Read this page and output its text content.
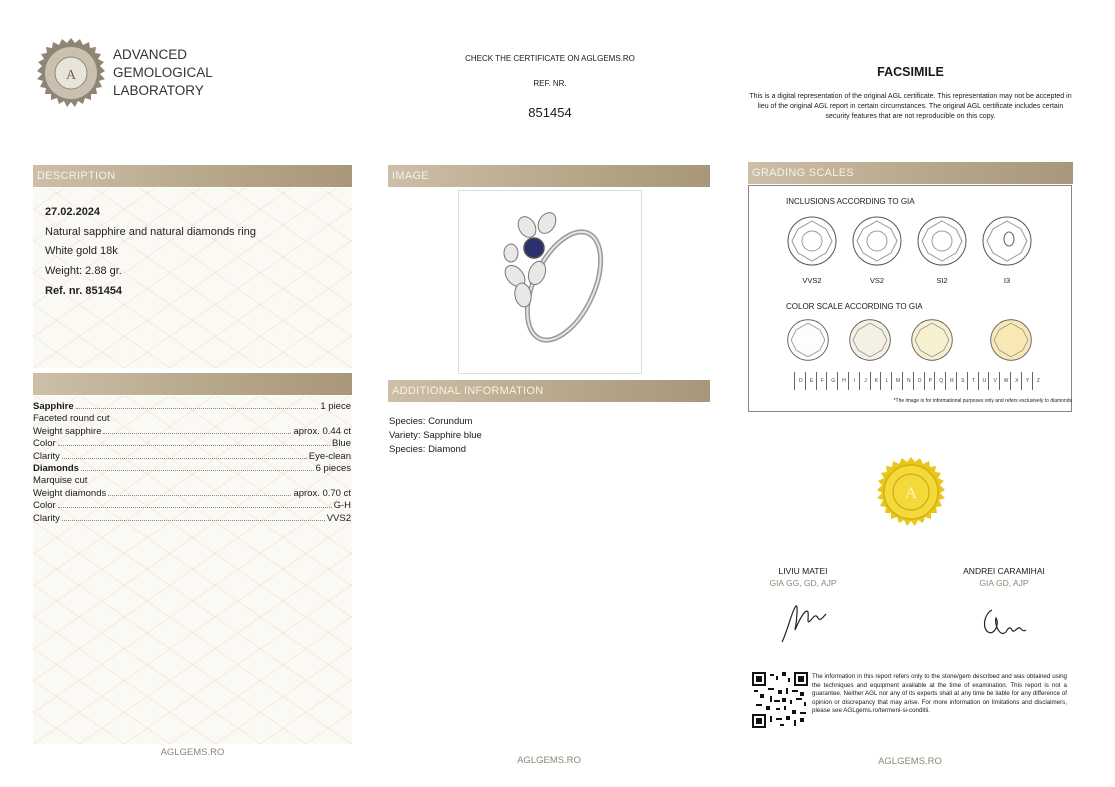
A
ADVANCED
GEMOLOGICAL
LABORATORY
CHECK THE CERTIFICATE ON AGLGEMS.RO
REF. NR.
851454
FACSIMILE
This is a digital representation of the original AGL certificate. This representation may not be accepted in lieu of the original AGL report in certain circumstances. The original AGL certificate includes certain security features that are not reproducible on this copy.
DESCRIPTION
27.02.2024
Natural sapphire and natural diamonds ring
White gold 18k
Weight: 2.88 gr.
Ref. nr. 851454
Sapphire	1 piece
Faceted round cut
Weight sapphire	aprox. 0.44 ct
Color	Blue
Clarity	Eye-clean
Diamonds	6 pieces
Marquise cut
Weight diamonds	aprox. 0.70 ct
Color	G-H
Clarity	VVS2
AGLGEMS.RO
IMAGE
ADDITIONAL INFORMATION
Species: Corundum
Variety: Sapphire blue
Species: Diamond
AGLGEMS.RO
GRADING SCALES
INCLUSIONS ACCORDING TO GIA
VVS2	VS2	SI2	I3
COLOR SCALE ACCORDING TO GIA
D	E	F	G	H	I	J	K	L	M	N	O	P	Q	R	S	T	U	V	W	X	Y	Z
*The image is for informational purposes only and refers exclusively to diamonds
A
LIVIU MATEI
GIA GG, GD, AJP
ANDREI CARAMIHAI
GIA GD, AJP
The information in this report refers only to the stone/gem described and was obtained using the techniques and equipment available at the time of examination. This report is not a guarantee. Neither AGL nor any of its experts shall at any time be liable for any difference of opinion or discrepancy that may arise. For more information on limitations and disclaimers, please see AGLgems.ro/termeni-si-conditii.
AGLGEMS.RO
